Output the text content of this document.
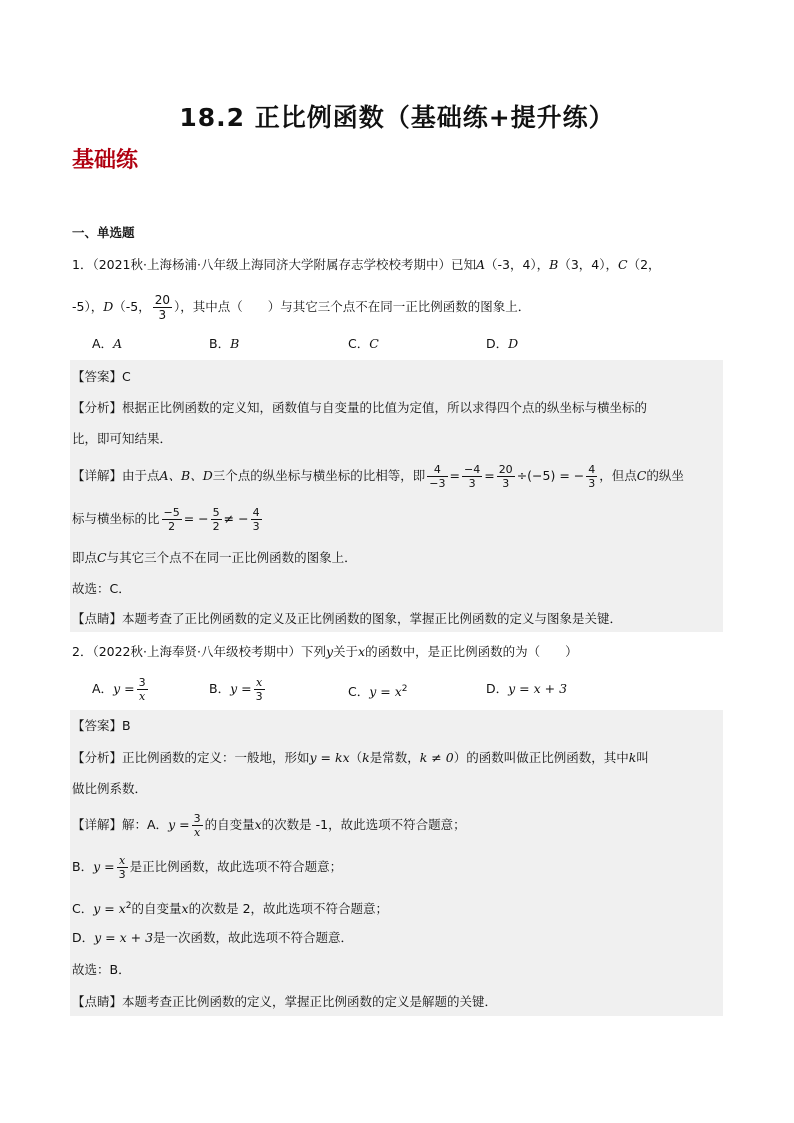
18.2 正比例函数（基础练+提升练）
基础练
一、单选题
1．（2021秋·上海杨浦·八年级上海同济大学附属存志学校校考期中）已知A（-3，4），B（3，4），C（2，
-5），D（-5， $\frac{20}{3}$ ），其中点（　　）与其它三个点不在同一正比例函数的图象上．
A．A	B．B	C．C	D．D
【答案】C
【分析】根据正比例函数的定义知，函数值与自变量的比值为定值，所以求得四个点的纵坐标与横坐标的
比，即可知结果．
【详解】由于点A、B、D三个点的纵坐标与横坐标的比相等，即 $\frac{4}{-3} = \frac{-4}{3} = \frac{20}{3} \div(-5)$ = − $\frac{4}{3}$ ，但点C的纵坐
标与横坐标的比 $\frac{-5}{2}$ = − $\frac{5}{2}$ ≠ − $\frac{4}{3}$
即点C与其它三个点不在同一正比例函数的图象上．
故选：C．
【点睛】本题考查了正比例函数的定义及正比例函数的图象，掌握正比例函数的定义与图象是关键．
2．（2022秋·上海奉贤·八年级校考期中）下列y关于x的函数中，是正比例函数的为（　　）
A．$y = \frac{3}{x}$	B．$y = \frac{x}{3}$	C．$y = x^2$	D．y = x + 3
【答案】B
【分析】正比例函数的定义：一般地，形如y = kx（k是常数，k ≠ 0）的函数叫做正比例函数，其中k叫
做比例系数．
【详解】解：A．$y = \frac{3}{x}$ 的自变量x的次数是 -1，故此选项不符合题意；
B．$y = \frac{x}{3}$ 是正比例函数，故此选项不符合题意；
C．$y = x^2$的自变量x的次数是 2，故此选项不符合题意；
D．y = x + 3是一次函数，故此选项不符合题意．
故选：B．
【点睛】本题考查正比例函数的定义，掌握正比例函数的定义是解题的关键．
